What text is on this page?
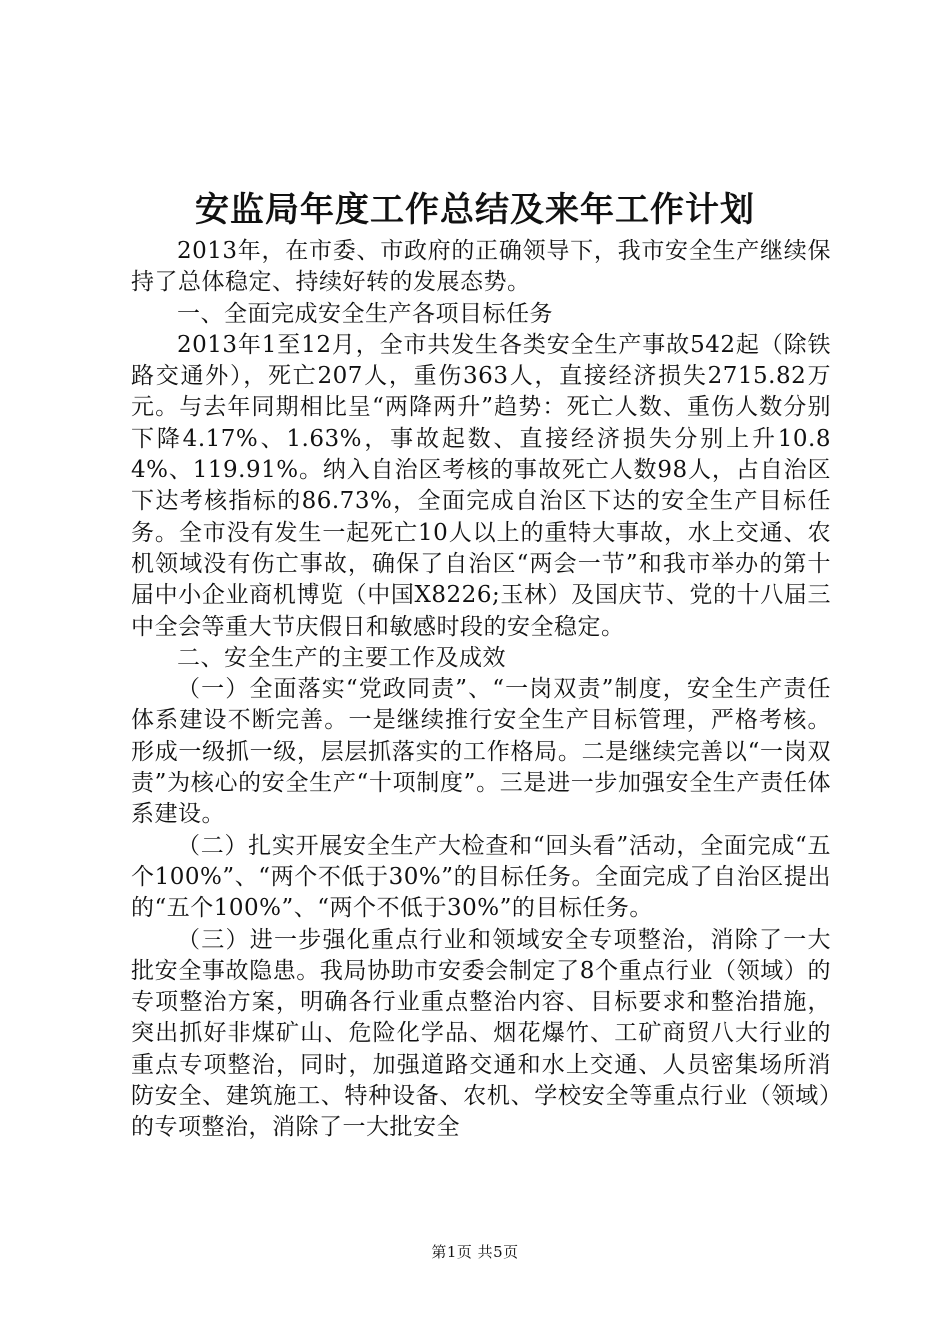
安监局年度工作总结及来年工作计划

2013年，在市委、市政府的正确领导下，我市安全生产继续保持了总体稳定、持续好转的发展态势。

一、全面完成安全生产各项目标任务

2013年1至12月，全市共发生各类安全生产事故542起（除铁路交通外），死亡207人，重伤363人，直接经济损失2715.82万元。与去年同期相比呈“两降两升”趋势：死亡人数、重伤人数分别下降4.17%、1.63%，事故起数、直接经济损失分别上升10.84%、119.91%。纳入自治区考核的事故死亡人数98人，占自治区下达考核指标的86.73%，全面完成自治区下达的安全生产目标任务。全市没有发生一起死亡10人以上的重特大事故，水上交通、农机领域没有伤亡事故，确保了自治区“两会一节”和我市举办的第十届中小企业商机博览（中国X8226;玉林）及国庆节、党的十八届三中全会等重大节庆假日和敏感时段的安全稳定。

二、安全生产的主要工作及成效

（一）全面落实“党政同责”、“一岗双责”制度，安全生产责任体系建设不断完善。一是继续推行安全生产目标管理，严格考核。形成一级抓一级，层层抓落实的工作格局。二是继续完善以“一岗双责”为核心的安全生产“十项制度”。三是进一步加强安全生产责任体系建设。

（二）扎实开展安全生产大检查和“回头看”活动，全面完成“五个100%”、“两个不低于30%”的目标任务。全面完成了自治区提出的“五个100%”、“两个不低于30%”的目标任务。

（三）进一步强化重点行业和领域安全专项整治，消除了一大批安全事故隐患。我局协助市安委会制定了8个重点行业（领域）的专项整治方案，明确各行业重点整治内容、目标要求和整治措施，突出抓好非煤矿山、危险化学品、烟花爆竹、工矿商贸八大行业的重点专项整治，同时，加强道路交通和水上交通、人员密集场所消防安全、建筑施工、特种设备、农机、学校安全等重点行业（领域）的专项整治，消除了一大批安全

第1页 共5页
